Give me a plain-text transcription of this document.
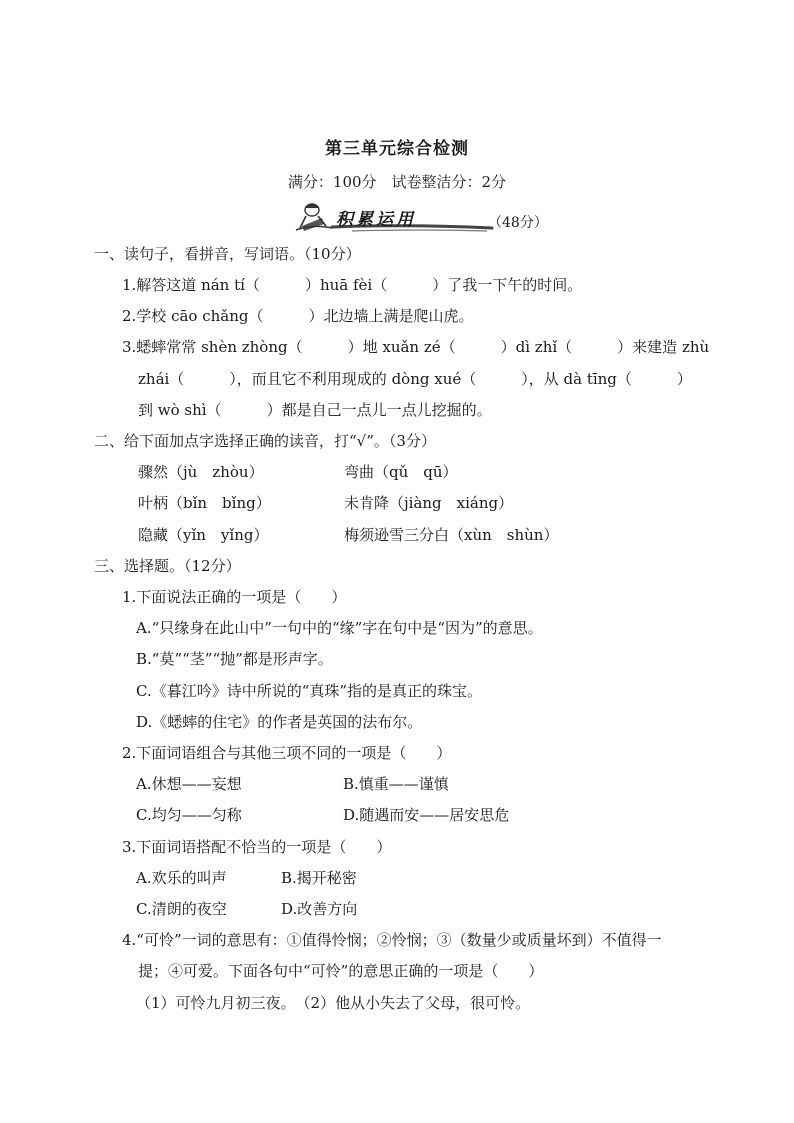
第三单元综合检测
满分：100分　试卷整洁分：2分
积累运用	（48分）
一、读句子，看拼音，写词语。（10分）
1.解答这道 nán tí（　　　）huā fèi（　　　）了我一下午的时间。
2.学校 cāo chǎng（　　　）北边墙上满是爬山虎。
3.蟋蟀常常 shèn zhòng（　　　）地 xuǎn zé（　　　）dì zhǐ（　　　）来建造 zhù
zhái（　　　），而且它不利用现成的 dòng xué（　　　），从 dà tīng（　　　）
到 wò shì（　　　）都是自己一点儿一点儿挖掘的。
二、给下面加点字选择正确的读音，打“√”。（3分）
骤然（jù　zhòu）	弯曲（qǔ　qū）
叶柄（bǐn　bǐng）	未肯降（jiàng　xiáng）
隐藏（yǐn　yǐng）	梅须逊雪三分白（xùn　shùn）
三、选择题。（12分）
1.下面说法正确的一项是（　　）
A.“只缘身在此山中”一句中的“缘”字在句中是“因为”的意思。
B.“莫”“茎”“抛”都是形声字。
C.《暮江吟》诗中所说的“真珠”指的是真正的珠宝。
D.《蟋蟀的住宅》的作者是英国的法布尔。
2.下面词语组合与其他三项不同的一项是（　　）
A.休想——妄想	B.慎重——谨慎
C.均匀——匀称	D.随遇而安——居安思危
3.下面词语搭配不恰当的一项是（　　）
A.欢乐的叫声	B.揭开秘密
C.清朗的夜空	D.改善方向
4.“可怜”一词的意思有：①值得怜悯；②怜悯；③（数量少或质量坏到）不值得一
提；④可爱。下面各句中“可怜”的意思正确的一项是（　　）
（1）可怜九月初三夜。　（2）他从小失去了父母，很可怜。
